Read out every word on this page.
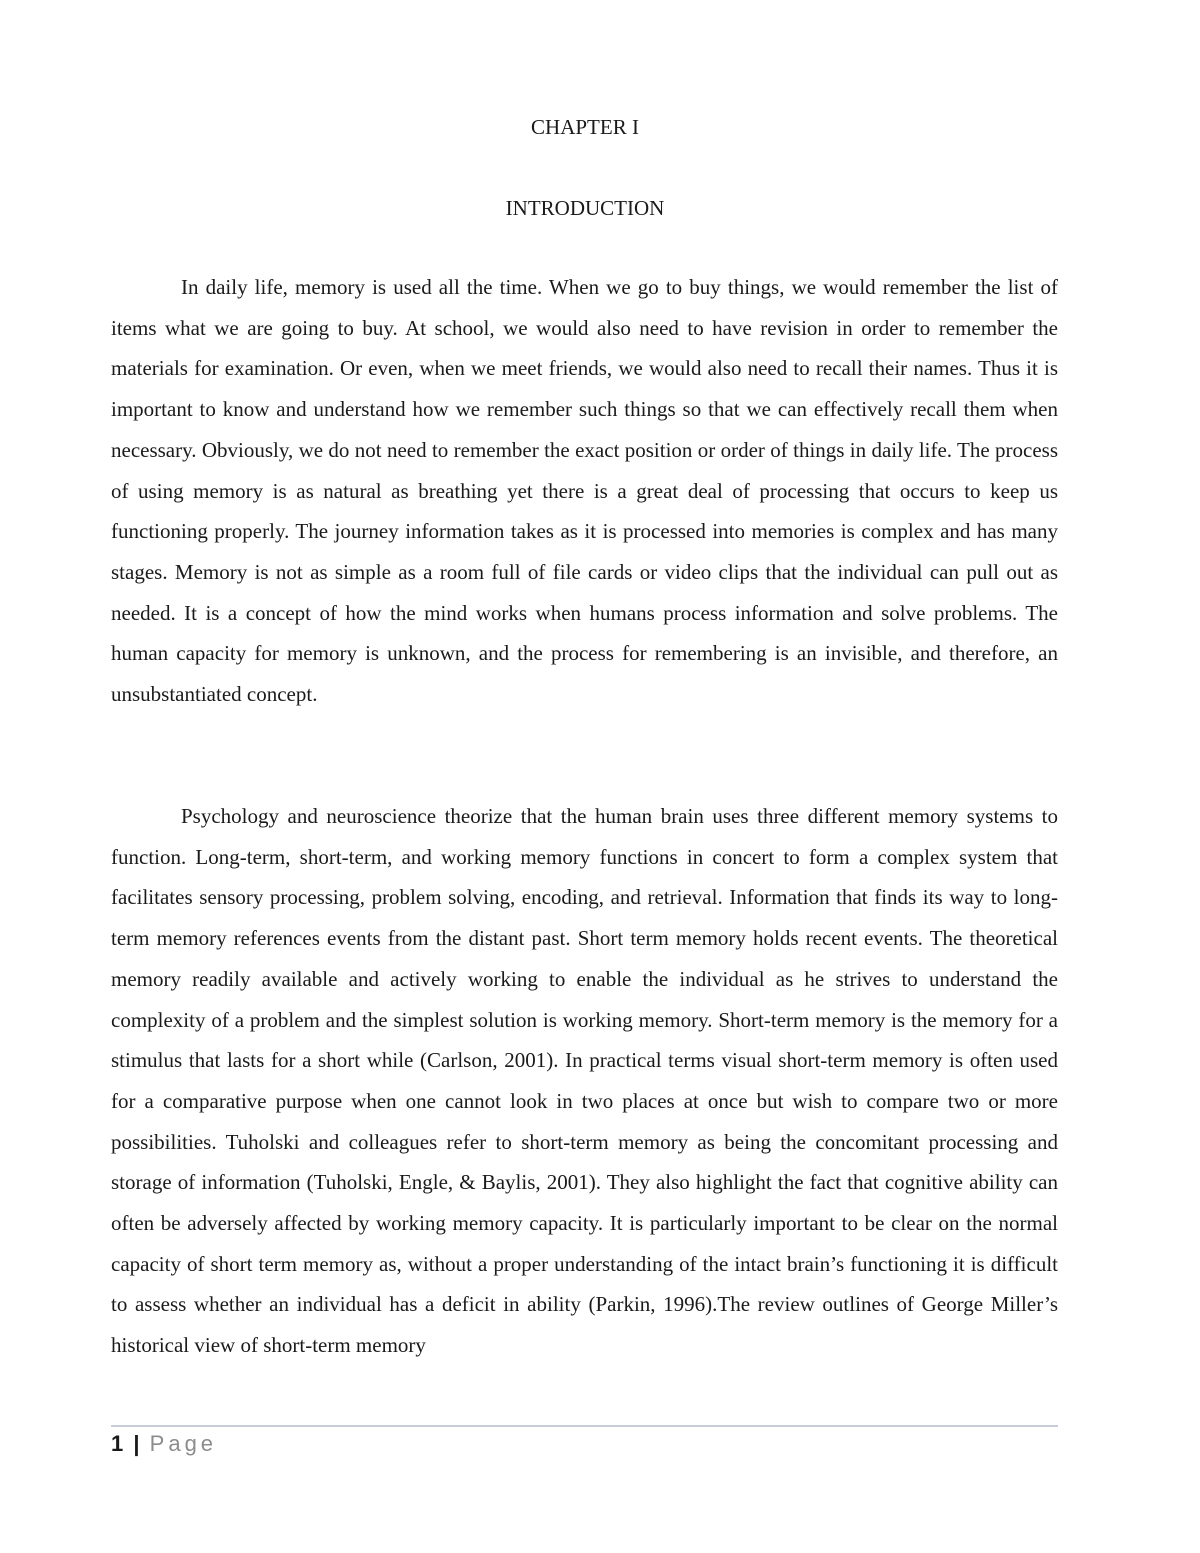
CHAPTER I
INTRODUCTION

In daily life, memory is used all the time. When we go to buy things, we would remember the list of items what we are going to buy. At school, we would also need to have revision in order to remember the materials for examination. Or even, when we meet friends, we would also need to recall their names. Thus it is important to know and understand how we remember such things so that we can effectively recall them when necessary. Obviously, we do not need to remember the exact position or order of things in daily life. The process of using memory is as natural as breathing yet there is a great deal of processing that occurs to keep us functioning properly. The journey information takes as it is processed into memories is complex and has many stages. Memory is not as simple as a room full of file cards or video clips that the individual can pull out as needed. It is a concept of how the mind works when humans process information and solve problems. The human capacity for memory is unknown, and the process for remembering is an invisible, and therefore, an unsubstantiated concept.

Psychology and neuroscience theorize that the human brain uses three different memory systems to function. Long-term, short-term, and working memory functions in concert to form a complex system that facilitates sensory processing, problem solving, encoding, and retrieval. Information that finds its way to long-term memory references events from the distant past. Short term memory holds recent events. The theoretical memory readily available and actively working to enable the individual as he strives to understand the complexity of a problem and the simplest solution is working memory. Short-term memory is the memory for a stimulus that lasts for a short while (Carlson, 2001). In practical terms visual short-term memory is often used for a comparative purpose when one cannot look in two places at once but wish to compare two or more possibilities. Tuholski and colleagues refer to short-term memory as being the concomitant processing and storage of information (Tuholski, Engle, & Baylis, 2001). They also highlight the fact that cognitive ability can often be adversely affected by working memory capacity. It is particularly important to be clear on the normal capacity of short term memory as, without a proper understanding of the intact brain’s functioning it is difficult to assess whether an individual has a deficit in ability (Parkin, 1996).The review outlines of George Miller’s historical view of short-term memory

1 | Page
